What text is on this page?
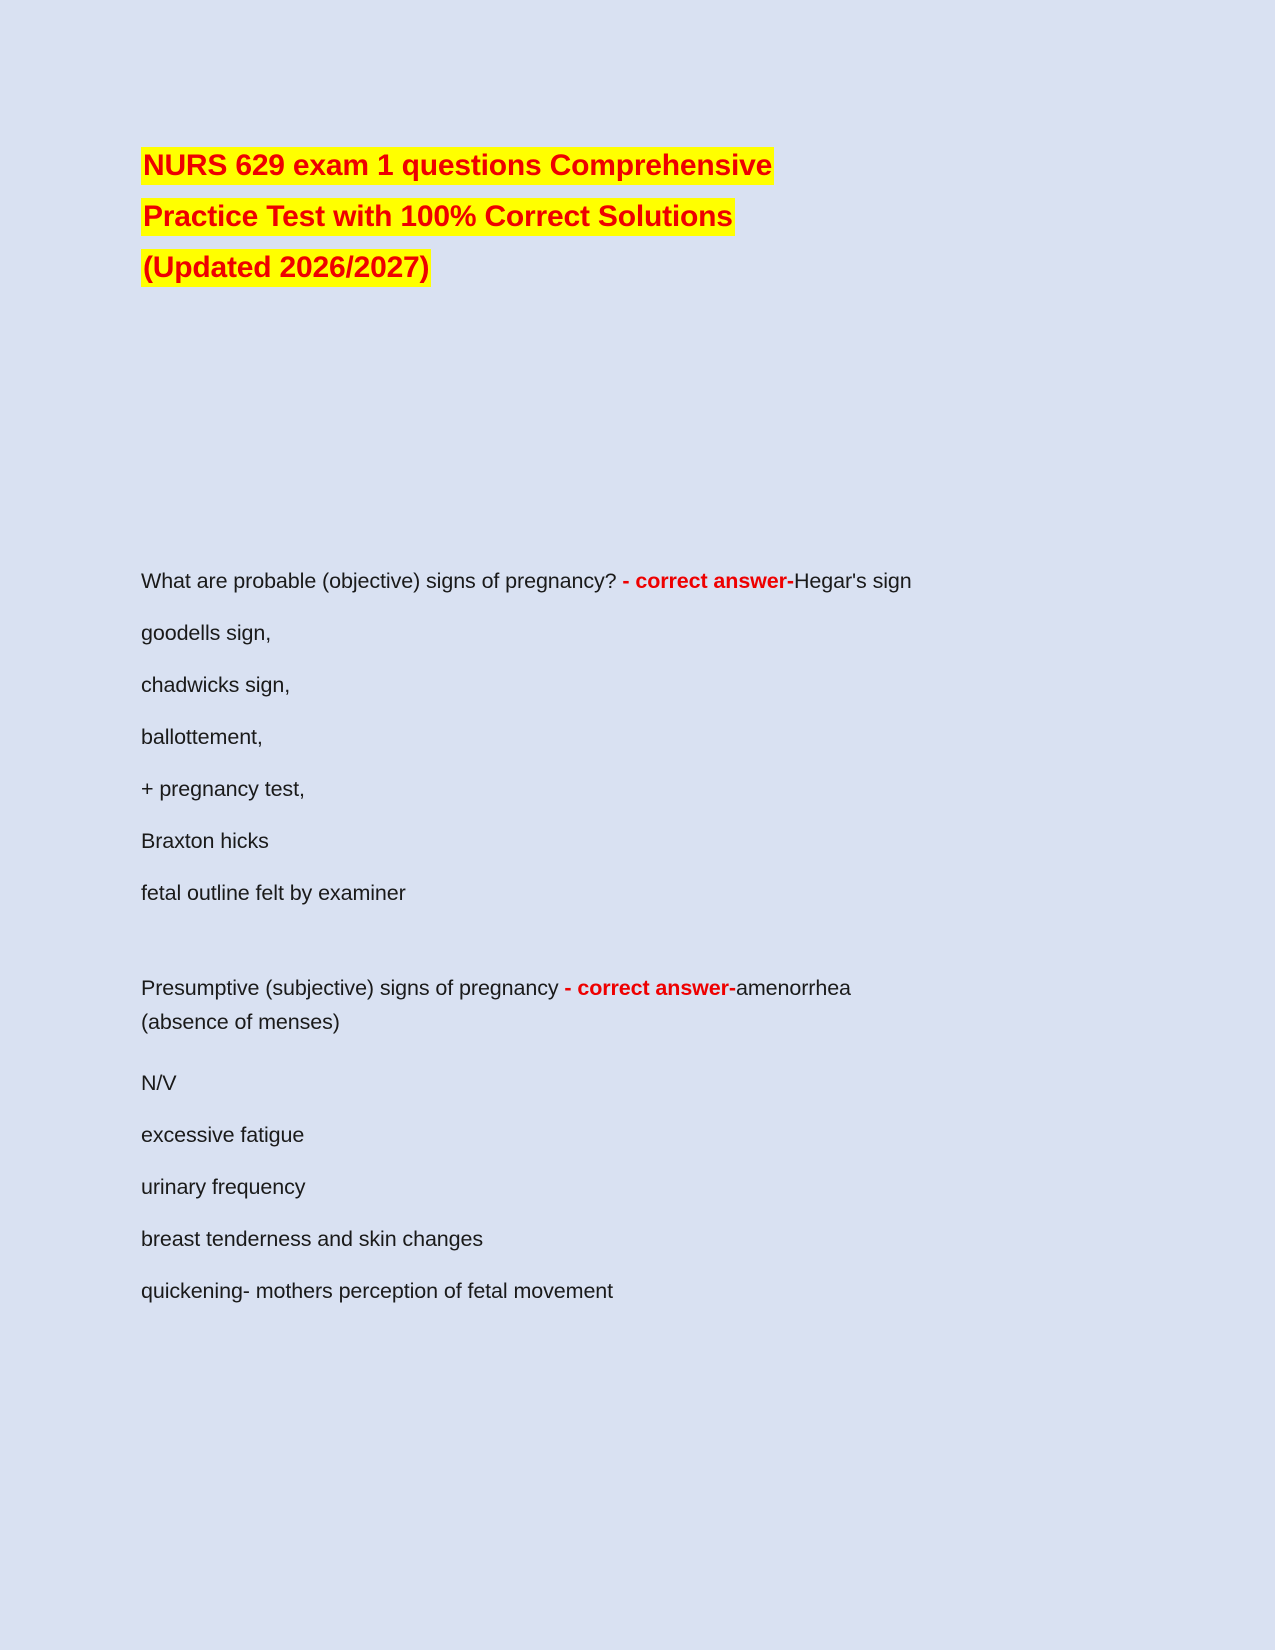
NURS 629 exam 1 questions Comprehensive
Practice Test with 100% Correct Solutions
(Updated 2026/2027)

What are probable (objective) signs of pregnancy? - correct answer-Hegar's sign

goodells sign,

chadwicks sign,

ballottement,

+ pregnancy test,

Braxton hicks

fetal outline felt by examiner

Presumptive (subjective) signs of pregnancy - correct answer-amenorrhea
(absence of menses)

N/V

excessive fatigue

urinary frequency

breast tenderness and skin changes

quickening- mothers perception of fetal movement
